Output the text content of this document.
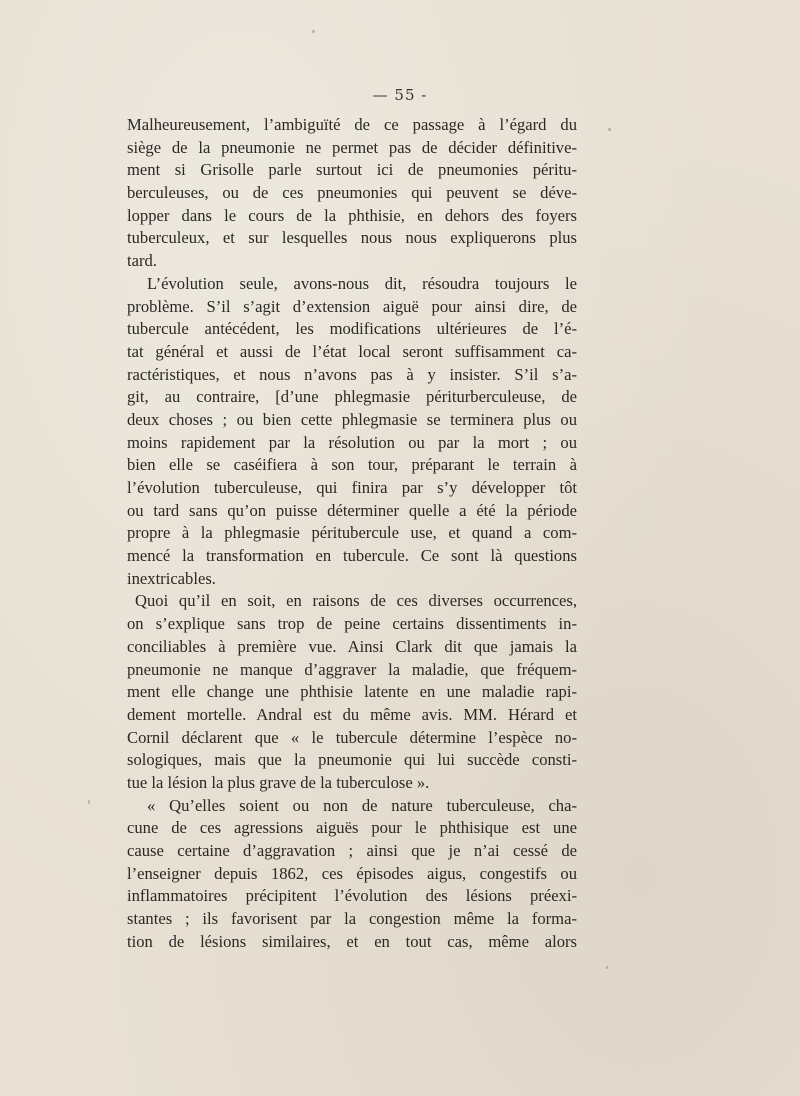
— 55 -
Malheureusement, l’ambiguïté de ce passage à l’égard du
siège de la pneumonie ne permet pas de décider définitive-
ment si Grisolle parle surtout ici de pneumonies péritu-
berculeuses, ou de ces pneumonies qui peuvent se déve-
lopper dans le cours de la phthisie, en dehors des foyers
tuberculeux, et sur lesquelles nous nous expliquerons plus
tard.
L’évolution seule, avons-nous dit, résoudra toujours le
problème. S’il s’agit d’extension aiguë pour ainsi dire, de
tubercule antécédent, les modifications ultérieures de l’é-
tat général et aussi de l’état local seront suffisamment ca-
ractéristiques, et nous n’avons pas à y insister. S’il s’a-
git, au contraire, [d’une phlegmasie périturberculeuse, de
deux choses ; ou bien cette phlegmasie se terminera plus ou
moins rapidement par la résolution ou par la mort ; ou
bien elle se caséifiera à son tour, préparant le terrain à
l’évolution tuberculeuse, qui finira par s’y développer tôt
ou tard sans qu’on puisse déterminer quelle a été la période
propre à la phlegmasie péritubercule use, et quand a com-
mencé la transformation en tubercule. Ce sont là questions
inextricables.
Quoi qu’il en soit, en raisons de ces diverses occurrences,
on s’explique sans trop de peine certains dissentiments in-
conciliables à première vue. Ainsi Clark dit que jamais la
pneumonie ne manque d’aggraver la maladie, que fréquem-
ment elle change une phthisie latente en une maladie rapi-
dement mortelle. Andral est du même avis. MM. Hérard et
Cornil déclarent que « le tubercule détermine l’espèce no-
sologiques, mais que la pneumonie qui lui succède consti-
tue la lésion la plus grave de la tuberculose ».
« Qu’elles soient ou non de nature tuberculeuse, cha-
cune de ces agressions aiguës pour le phthisique est une
cause certaine d’aggravation ; ainsi que je n’ai cessé de
l’enseigner depuis 1862, ces épisodes aigus, congestifs ou
inflammatoires précipitent l’évolution des lésions préexi-
stantes ; ils favorisent par la congestion même la forma-
tion de lésions similaires, et en tout cas, même alors
